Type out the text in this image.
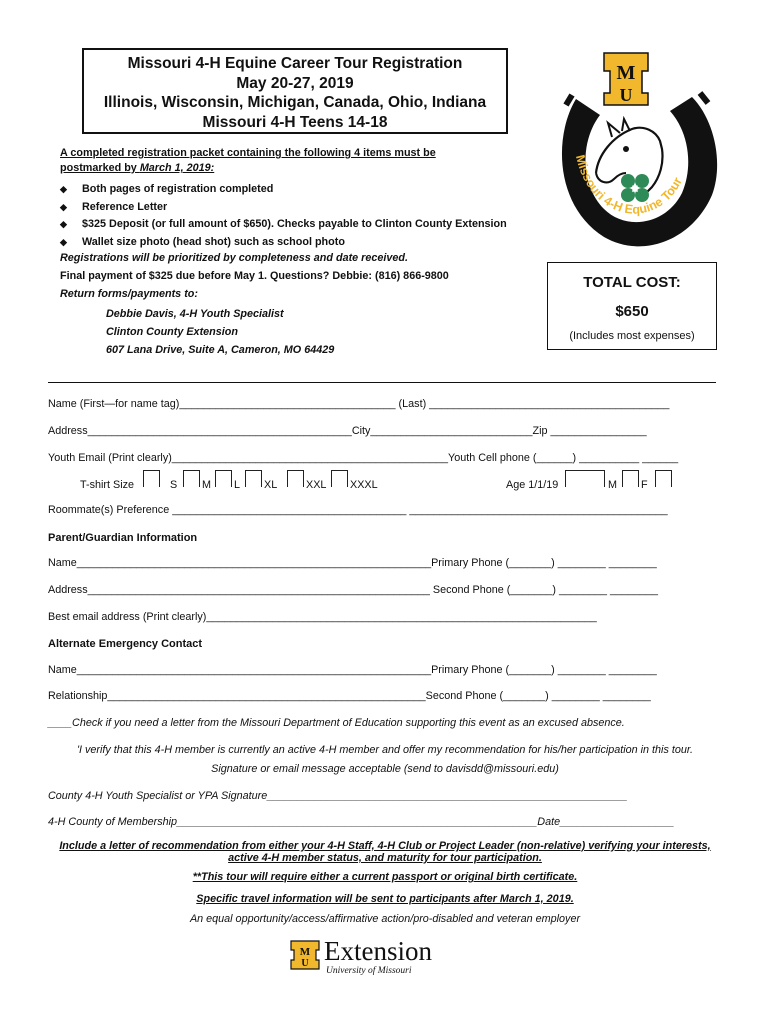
Missouri 4-H Equine Career Tour Registration
May 20-27, 2019
Illinois, Wisconsin, Michigan, Canada, Ohio, Indiana
Missouri 4-H Teens 14-18
M
U
H
Missouri 4-H Equine Tour
A completed registration packet containing the following 4 items must be
postmarked by March 1, 2019:
◆	Both pages of registration completed
◆	Reference Letter
◆	$325 Deposit (or full amount of $650). Checks payable to Clinton County Extension
◆	Wallet size photo (head shot) such as school photo
Registrations will be prioritized by completeness and date received.
Final payment of $325 due before May 1. Questions? Debbie: (816) 866-9800
Return forms/payments to:
Debbie Davis, 4-H Youth Specialist
Clinton County Extension
607 Lana Drive, Suite A, Cameron, MO 64429
TOTAL COST:
$650
(Includes most expenses)
Name (First—for name tag)____________________________________ (Last) ________________________________________
Address____________________________________________City___________________________Zip ________________
Youth Email (Print clearly)______________________________________________Youth Cell phone (______) __________ ______
T-shirt Size	S M L XL	XXL XXXL	Age 1/1/19	M F
Roommate(s) Preference _______________________________________ ___________________________________________
Parent/Guardian Information
Name___________________________________________________________Primary Phone (_______) ________ ________
Address_________________________________________________________ Second Phone (_______) ________ ________
Best email address (Print clearly)_________________________________________________________________
Alternate Emergency Contact
Name___________________________________________________________Primary Phone (_______) ________ ________
Relationship_____________________________________________________Second Phone (_______) ________ ________
____Check if you need a letter from the Missouri Department of Education supporting this event as an excused absence.
'I verify that this 4-H member is currently an active 4-H member and offer my recommendation for his/her participation in this tour.
Signature or email message acceptable (send to davisdd@missouri.edu)
County 4-H Youth Specialist or YPA Signature____________________________________________________________
4-H County of Membership____________________________________________________________Date___________________
Include a letter of recommendation from either your 4-H Staff, 4-H Club or Project Leader (non-relative) verifying your interests,
active 4-H member status, and maturity for tour participation.
**This tour will require either a current passport or original birth certificate.
Specific travel information will be sent to participants after March 1, 2019.
An equal opportunity/access/affirmative action/pro-disabled and veteran employer
M
U Extension
University of Missouri
